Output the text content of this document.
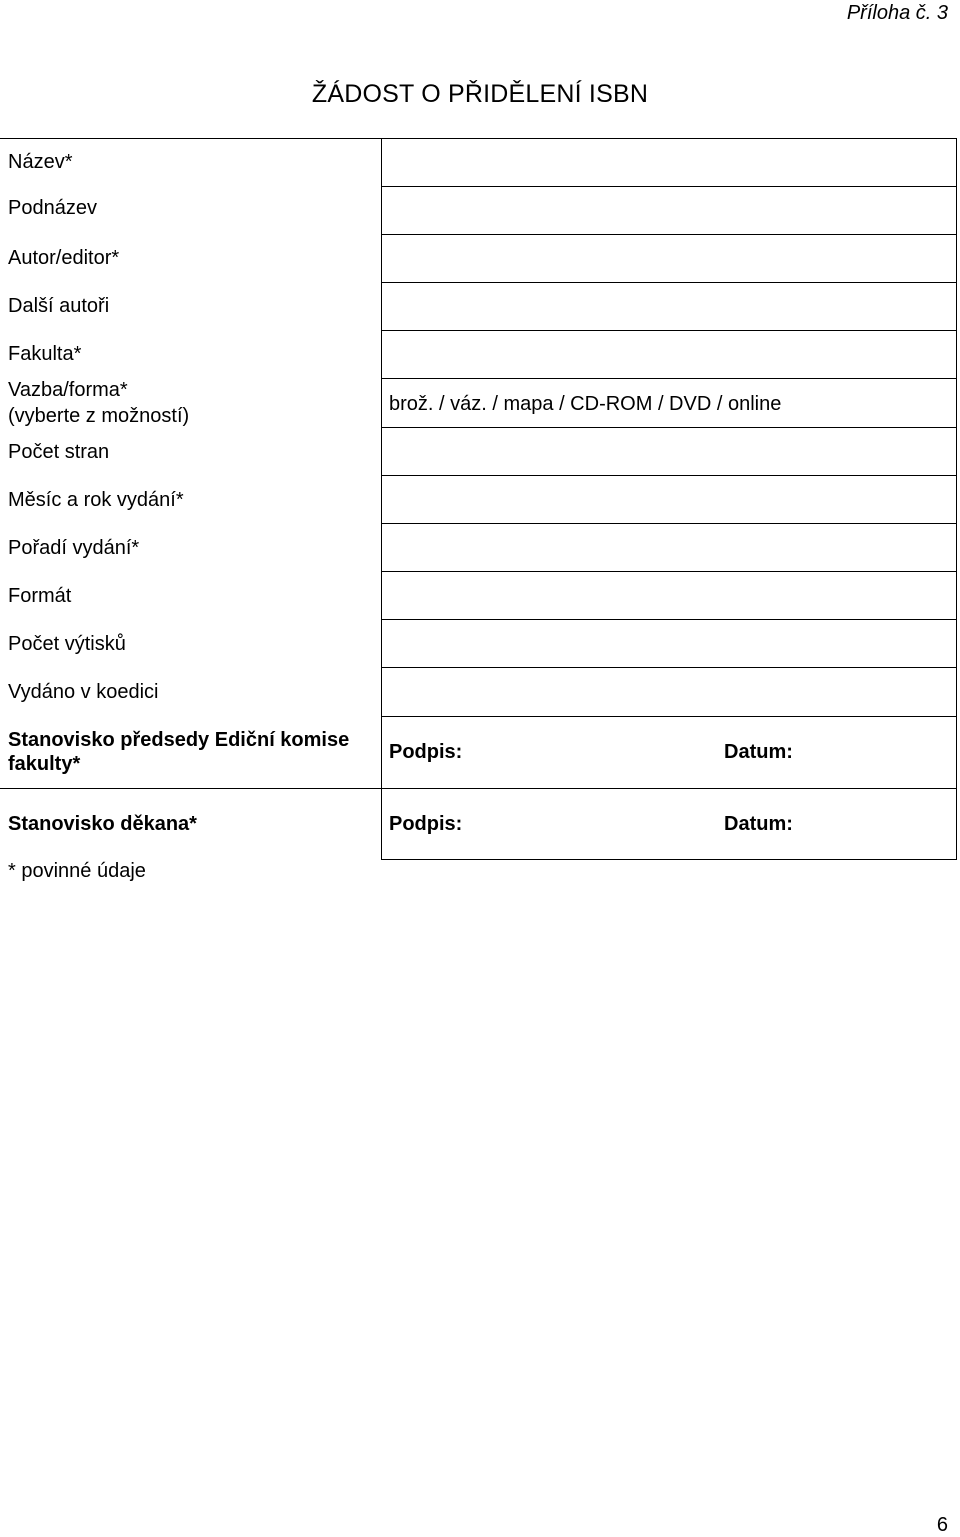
Příloha č. 3
ŽÁDOST O PŘIDĚLENÍ ISBN
Název*
Podnázev
Autor/editor*
Další autoři
Fakulta*
Vazba/forma*
(vyberte z možností)
Počet stran
Měsíc a rok vydání*
Pořadí vydání*
Formát
Počet výtisků
Vydáno v koedici
Stanovisko předsedy Ediční komise
fakulty*
Stanovisko děkana*
brož. / váz. / mapa / CD-ROM / DVD / online
Podpis:	Datum:
Podpis:	Datum:
* povinné údaje
6
